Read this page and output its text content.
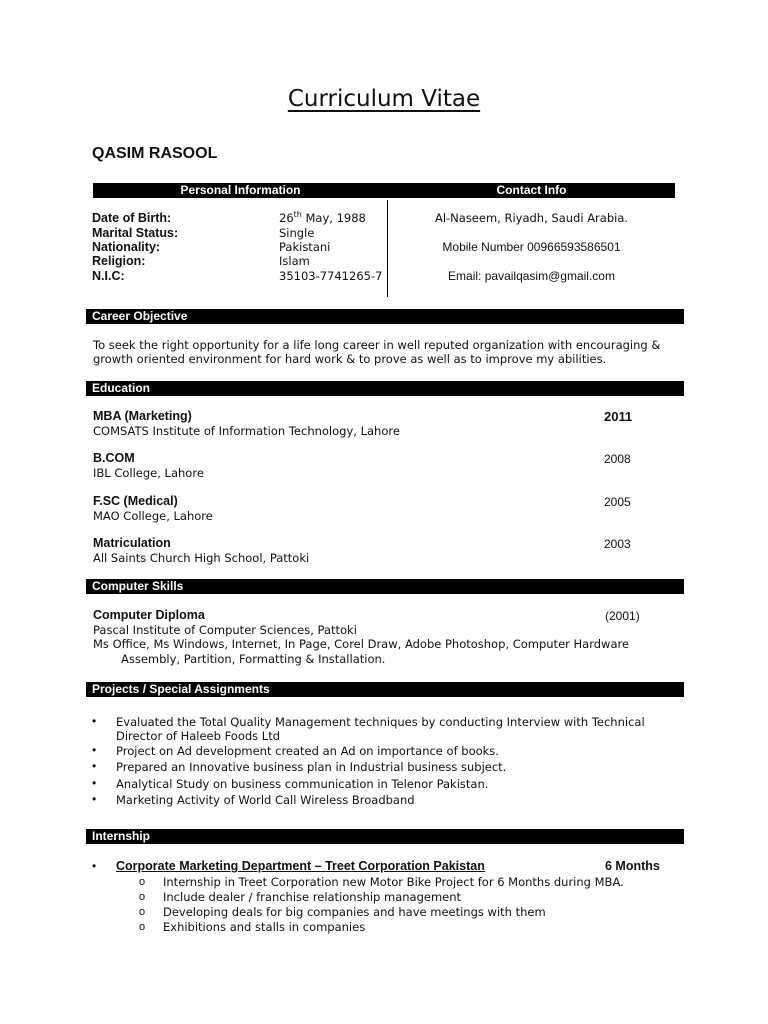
Curriculum Vitae
QASIM RASOOL
Personal Information	Contact Info
Date of Birth:	26th May, 1988
Marital Status:	Single
Nationality:	Pakistani
Religion:	Islam
N.I.C:	35103-7741265-7
Al-Naseem, Riyadh, Saudi Arabia.
Mobile Number 00966593586501
Email: pavailqasim@gmail.com
Career Objective
To seek the right opportunity for a life long career in well reputed organization with encouraging &
growth oriented environment for hard work & to prove as well as to improve my abilities.
Education
MBA (Marketing)	2011
COMSATS Institute of Information Technology, Lahore
B.COM	2008
IBL College, Lahore
F.SC (Medical)	2005
MAO College, Lahore
Matriculation	2003
All Saints Church High School, Pattoki
Computer Skills
Computer Diploma	(2001)
Pascal Institute of Computer Sciences, Pattoki
Ms Office, Ms Windows, Internet, In Page, Corel Draw, Adobe Photoshop, Computer Hardware
Assembly, Partition, Formatting & Installation.
Projects / Special Assignments
• Evaluated the Total Quality Management techniques by conducting Interview with Technical
Director of Haleeb Foods Ltd
• Project on Ad development created an Ad on importance of books.
• Prepared an Innovative business plan in Industrial business subject.
• Analytical Study on business communication in Telenor Pakistan.
• Marketing Activity of World Call Wireless Broadband
Internship
• Corporate Marketing Department – Treet Corporation Pakistan	6 Months
o Internship in Treet Corporation new Motor Bike Project for 6 Months during MBA.
o Include dealer / franchise relationship management
o Developing deals for big companies and have meetings with them
o Exhibitions and stalls in companies
